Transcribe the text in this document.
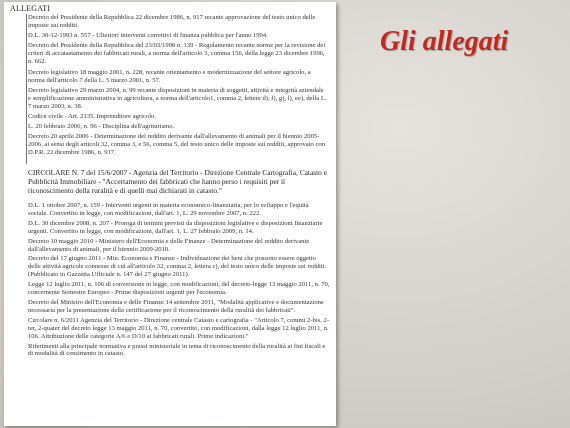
ALLEGATI

Decreto del Presidente della Repubblica 22 dicembre 1986, n. 917 recante approvazione del testo unico delle imposte sui redditi.

D.L. 30-12-1993 n. 557 - Ulteriori interventi correttivi di finanza pubblica per l'anno 1994.

Decreto del Presidente della Repubblica del 23/03/1998 n. 139 - Regolamento recante norme per la revisione dei criteri di accatastamento dei fabbricati rurali, a norma dell'articolo 3, comma 156, della legge 23 dicembre 1996, n. 662.

Decreto legislativo 18 maggio 2001, n. 228, recante orientamento e modernizzazione del settore agricolo, a norma dell'articolo 7 della L. 5 marzo 2001, n. 57.

Decreto legislativo 29 marzo 2004, n. 99 recante disposizioni in materia di soggetti, attività e integrità aziendale e semplificazione amministrativa in agricoltura, a norma dell'articolo1, comma 2, lettere d), f), g), l), ee), della L. 7 marzo 2003, n. 38.

Codice civile - Art. 2135. Imprenditore agricolo.

L. 20 febbraio 2006, n. 96 - Disciplina dell'agriturismo.

Decreto 20 aprile 2006 - Determinazione del reddito derivante dall'allevamento di animali per il biennio 2005-2006, ai sensi degli articoli 32, comma 3, e 56, comma 5, del testo unico delle imposte sui redditi, approvato con D.P.R. 22 dicembre 1986, n. 917.

CIRCOLARE N. 7 del 15/6/2007 - Agenzia del Territorio - Direzione Centrale Cartografia, Catasto e Pubblicità Immobiliare - "Accertamento dei fabbricati che hanno perso i requisiti per il riconoscimento della ruralità e di quelli mai dichiarati in catasto."

D.L. 1 ottobre 2007, n. 159 - Interventi urgenti in materia economico-finanziaria, per lo sviluppo e l'equità sociale. Convertito in legge, con modificazioni, dall'art. 1, L. 29 novembre 2007, n. 222.

D.L. 30 dicembre 2008, n. 207 - Proroga di termini previsti da disposizioni legislative e disposizioni finanziarie urgenti. Convertito in legge, con modificazioni, dall'art. 1, L. 27 febbraio 2009, n. 14.

Decreto 10 maggio 2010 - Ministero dell'Economia e delle Finanze - Determinazione del reddito derivante dall'allevamento di animali, per il biennio 2009-2010.

Decreto del 17 giugno 2011 - Min. Economia e Finanze - Individuazione dei beni che possono essere oggetto delle attività agricole connesse di cui all'articolo 32, comma 2, lettera c), del testo unico delle imposte sui redditi. (Pubblicato in Gazzetta Ufficiale n. 147 del 27 giugno 2011).

Legge 12 luglio 2011, n. 106 di conversione in legge, con modificazioni, del decreto-legge 13 maggio 2011, n. 70, concernente Semestre Europeo - Prime disposizioni urgenti per l'economia.

Decreto del Ministro dell'Economia e delle Finanze 14 settembre 2011, "Modalità applicative e documentazione necessaria per la presentazione della certificazione per il riconoscimento della ruralità dei fabbricati".

Circolare n. 6/2011 Agenzia del Territorio - Direzione centrale Catasto e cartografia - "Articolo 7, commi 2-bis, 2-ter, 2-quater del decreto legge 13 maggio 2011, n. 70, convertito, con modificazioni, dalla legge 12 luglio 2011, n. 106. Attribuzione delle categorie A/6 e D/10 ai fabbricati rurali. Prime indicazioni."

Riferimenti alla principale normativa e prassi ministeriale in tema di riconoscimento della ruralità ai fini fiscali e di modalità di censimento in catasto.

Gli allegati
